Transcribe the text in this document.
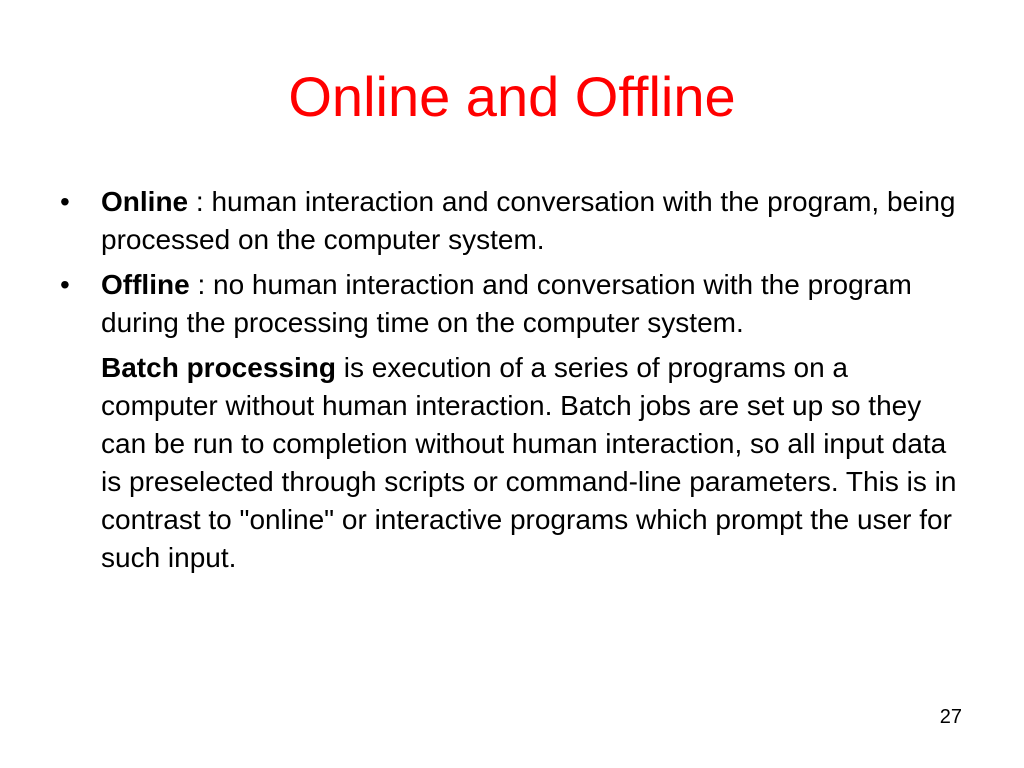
Online and Offline
• Online : human interaction and conversation with the program, being processed on the computer system.
• Offline : no human interaction and conversation with the program during the processing time on the computer system.

Batch processing is execution of a series of programs on a computer without human interaction. Batch jobs are set up so they can be run to completion without human interaction, so all input data is preselected through scripts or command-line parameters. This is in contrast to "online" or interactive programs which prompt the user for such input.

27
